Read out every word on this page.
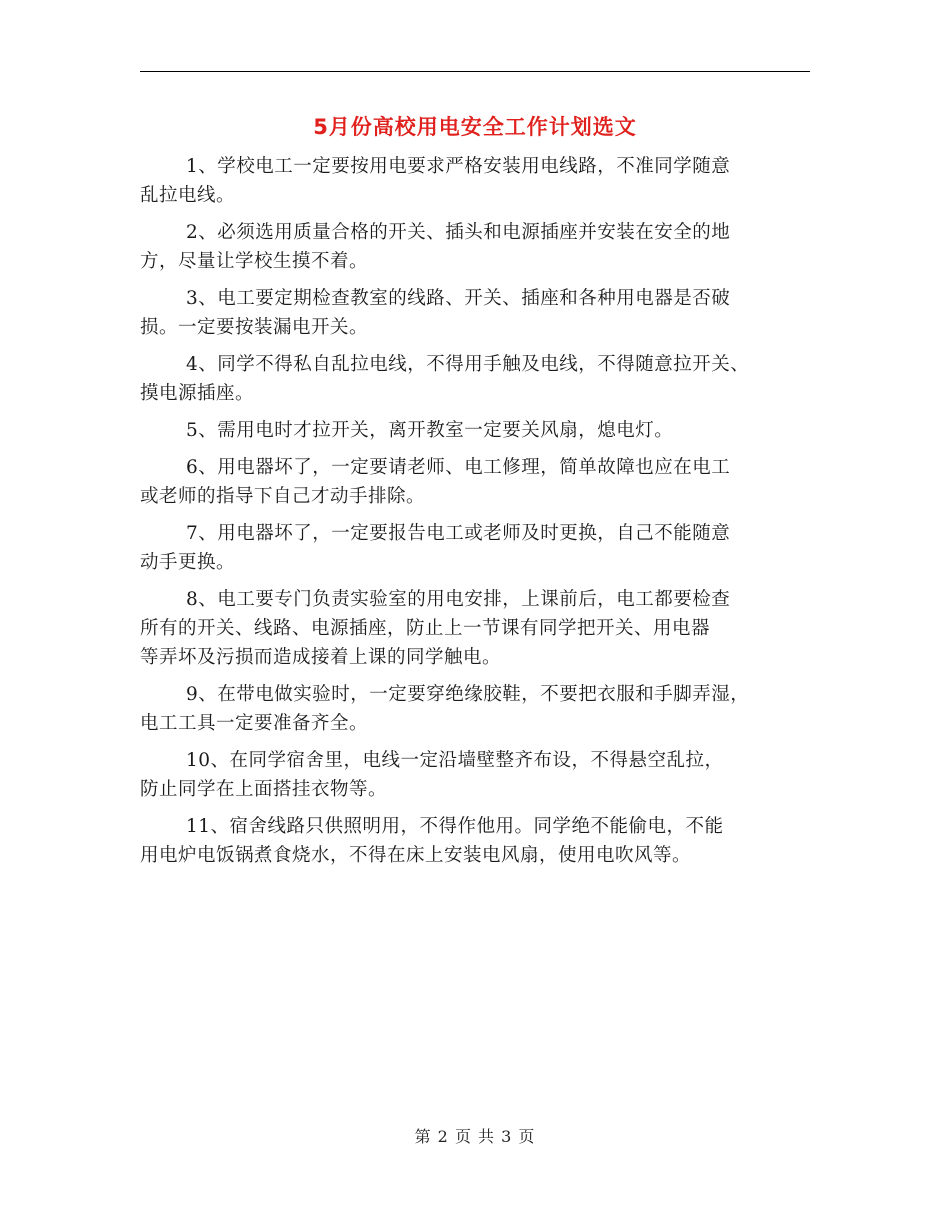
5月份高校用电安全工作计划选文

1、学校电工一定要按用电要求严格安装用电线路，不准同学随意
乱拉电线。

2、必须选用质量合格的开关、插头和电源插座并安装在安全的地
方，尽量让学校生摸不着。

3、电工要定期检查教室的线路、开关、插座和各种用电器是否破
损。一定要按装漏电开关。

4、同学不得私自乱拉电线，不得用手触及电线，不得随意拉开关、
摸电源插座。

5、需用电时才拉开关，离开教室一定要关风扇，熄电灯。

6、用电器坏了，一定要请老师、电工修理，简单故障也应在电工
或老师的指导下自己才动手排除。

7、用电器坏了，一定要报告电工或老师及时更换，自己不能随意
动手更换。

8、电工要专门负责实验室的用电安排，上课前后，电工都要检查
所有的开关、线路、电源插座，防止上一节课有同学把开关、用电器
等弄坏及污损而造成接着上课的同学触电。

9、在带电做实验时，一定要穿绝缘胶鞋，不要把衣服和手脚弄湿，
电工工具一定要准备齐全。

10、在同学宿舍里，电线一定沿墙壁整齐布设，不得悬空乱拉，
防止同学在上面搭挂衣物等。

11、宿舍线路只供照明用，不得作他用。同学绝不能偷电，不能
用电炉电饭锅煮食烧水，不得在床上安装电风扇，使用电吹风等。

第 2 页 共 3 页
